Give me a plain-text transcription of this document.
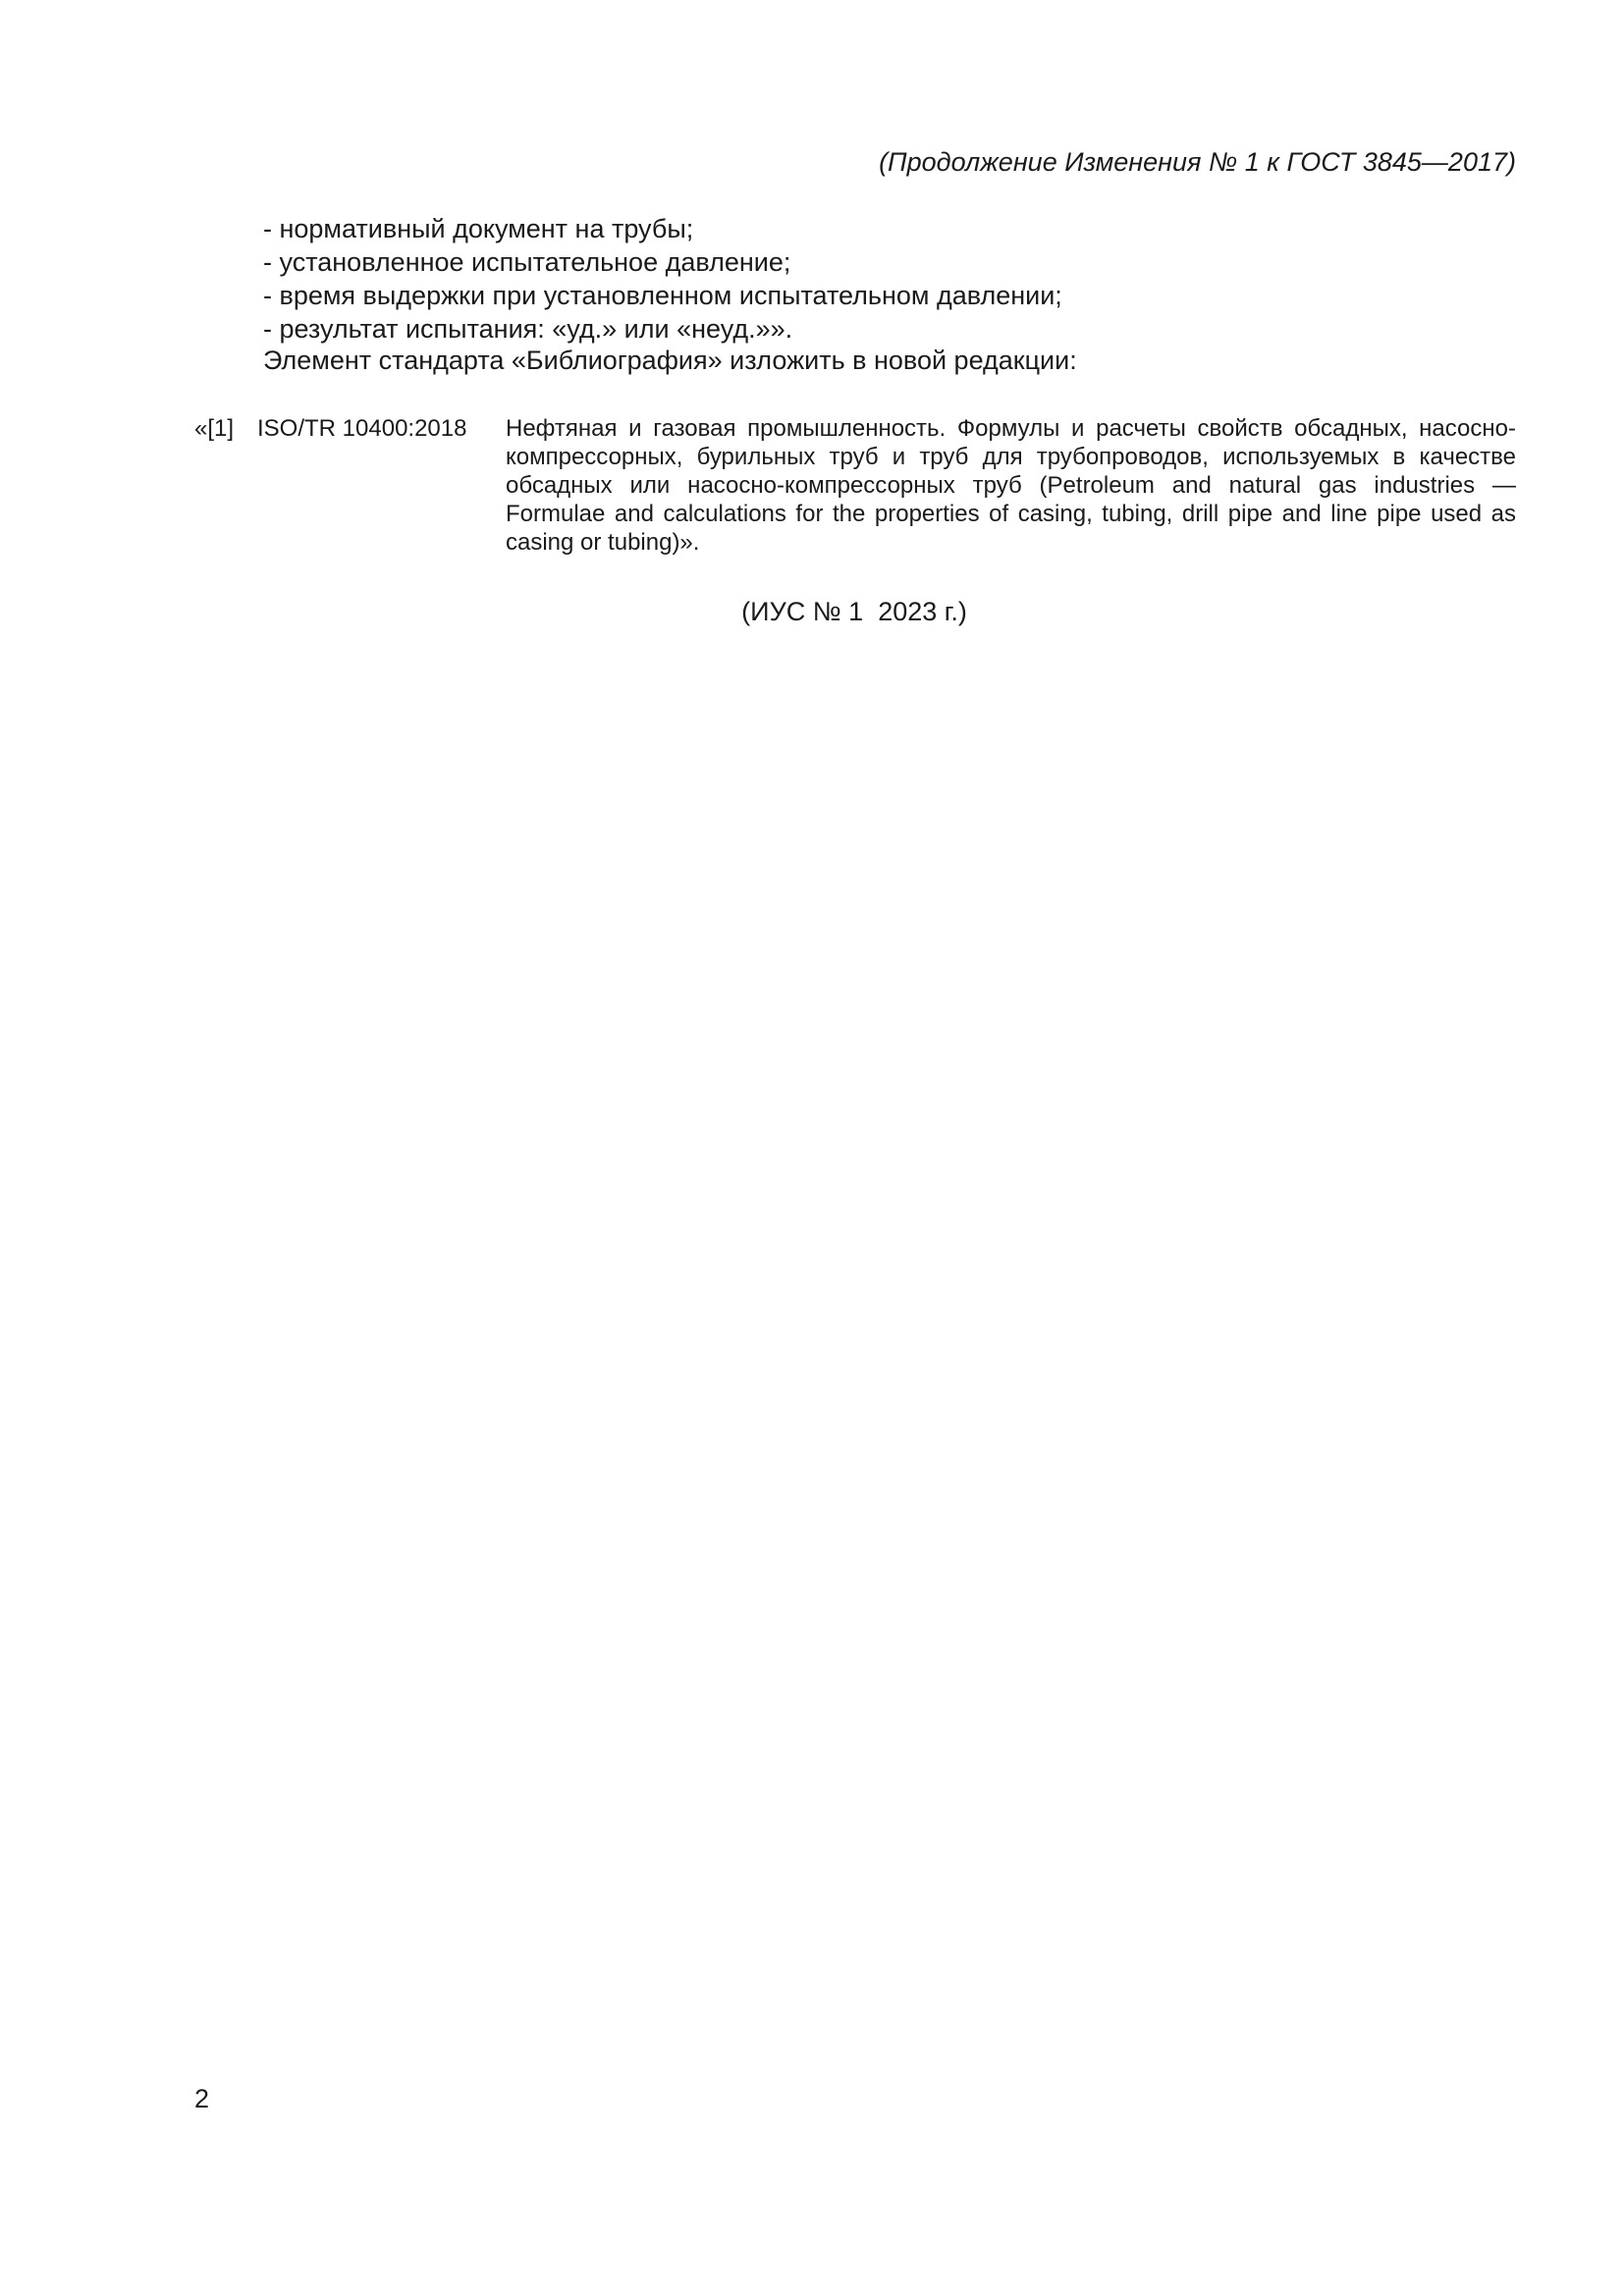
(Продолжение Изменения № 1 к ГОСТ 3845—2017)
- нормативный документ на трубы;
- установленное испытательное давление;
- время выдержки при установленном испытательном давлении;
- результат испытания: «уд.» или «неуд.»».
Элемент стандарта «Библиография» изложить в новой редакции:
«[1] ISO/TR 10400:2018 Нефтяная и газовая промышленность. Формулы и расчеты свойств обсадных, насосно-компрессорных, бурильных труб и труб для трубопроводов, используемых в качестве обсадных или насосно-компрессорных труб (Petroleum and natural gas industries — Formulae and calculations for the properties of casing, tubing, drill pipe and line pipe used as casing or tubing)».
(ИУС № 1  2023 г.)
2
